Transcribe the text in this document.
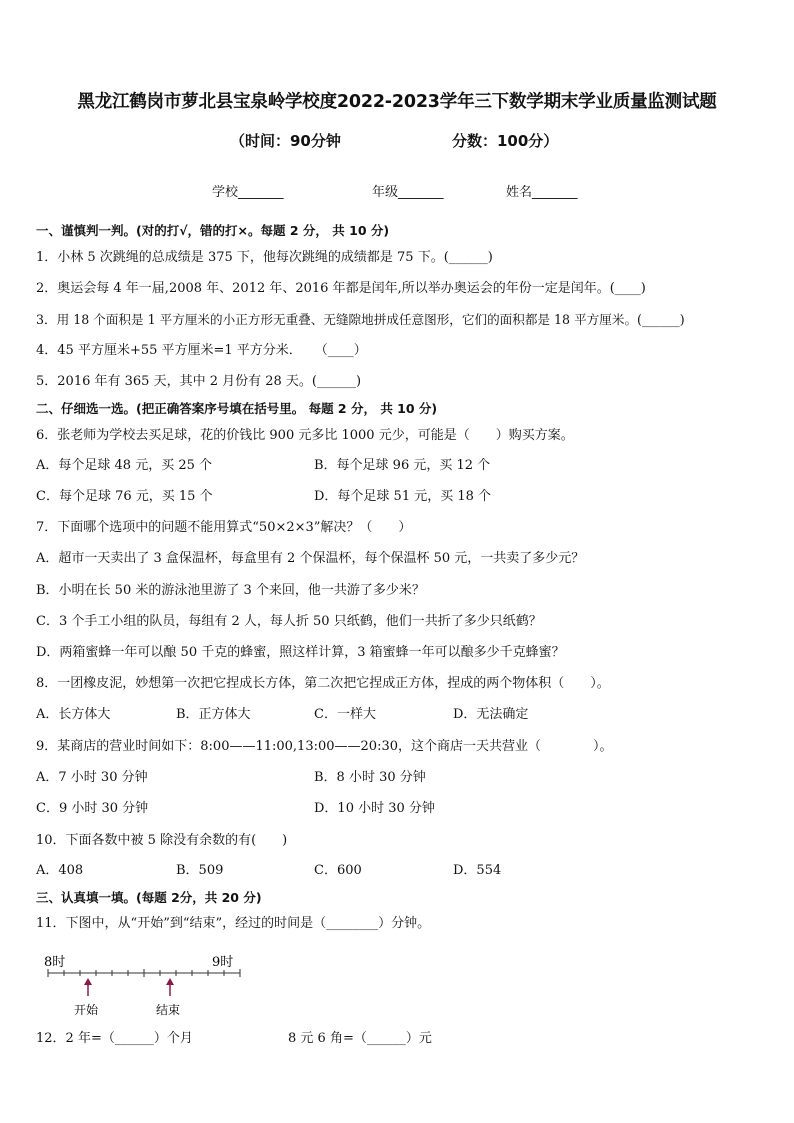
黑龙江鹤岗市萝北县宝泉岭学校度2022-2023学年三下数学期末学业质量监测试题
（时间：90分钟	分数：100分）
学校_______	年级_______	姓名_______
一、谨慎判一判。(对的打√，错的打×。每题 2 分， 共 10 分)
1．小林 5 次跳绳的总成绩是 375 下，他每次跳绳的成绩都是 75 下。(______)
2．奥运会每 4 年一届,2008 年、2012 年、2016 年都是闰年,所以举办奥运会的年份一定是闰年。(____)
3．用 18 个面积是 1 平方厘米的小正方形无重叠、无缝隙地拼成任意图形，它们的面积都是 18 平方厘米。(______)
4．45 平方厘米+55 平方厘米=1 平方分米．　　（____）
5．2016 年有 365 天，其中 2 月份有 28 天。(______)
二、仔细选一选。(把正确答案序号填在括号里。 每题 2 分， 共 10 分)
6．张老师为学校去买足球，花的价钱比 900 元多比 1000 元少，可能是（　　）购买方案。
A．每个足球 48 元，买 25 个	B．每个足球 96 元，买 12 个
C．每个足球 76 元，买 15 个	D．每个足球 51 元，买 18 个
7．下面哪个选项中的问题不能用算式“50×2×3”解决？（　　）
A．超市一天卖出了 3 盒保温杯，每盒里有 2 个保温杯，每个保温杯 50 元，一共卖了多少元？
B．小明在长 50 米的游泳池里游了 3 个来回，他一共游了多少米？
C．3 个手工小组的队员，每组有 2 人，每人折 50 只纸鹤，他们一共折了多少只纸鹤？
D．两箱蜜蜂一年可以酿 50 千克的蜂蜜，照这样计算，3 箱蜜蜂一年可以酿多少千克蜂蜜？
8．一团橡皮泥，妙想第一次把它捏成长方体，第二次把它捏成正方体，捏成的两个物体积（　　）。
A．长方体大	B．正方体大	C．一样大	D．无法确定
9．某商店的营业时间如下：8:00——11:00,13:00——20:30，这个商店一天共营业（　　　　）。
A．7 小时 30 分钟	B．8 小时 30 分钟
C．9 小时 30 分钟	D．10 小时 30 分钟
10．下面各数中被 5 除没有余数的有(　　)
A．408	B．509	C．600	D．554
三、认真填一填。(每题 2分，共 20 分)
11．下图中，从“开始”到“结束”，经过的时间是（________）分钟。
8时	9时
开始	结束
12．2 年=（______）个月	8 元 6 角=（______）元
